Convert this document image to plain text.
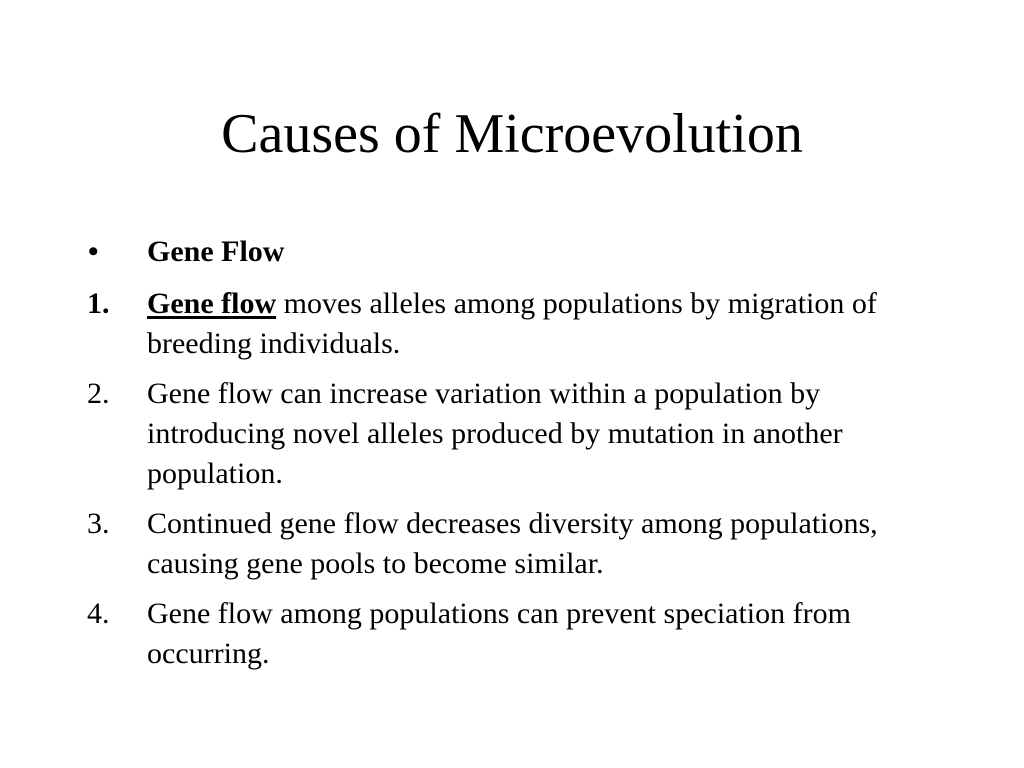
Causes of Microevolution
•	Gene Flow
1.	Gene flow moves alleles among populations by migration of breeding individuals.
2.	Gene flow can increase variation within a population by introducing novel alleles produced by mutation in another population.
3.	Continued gene flow decreases diversity among populations, causing gene pools to become similar.
4.	Gene flow among populations can prevent speciation from occurring.
